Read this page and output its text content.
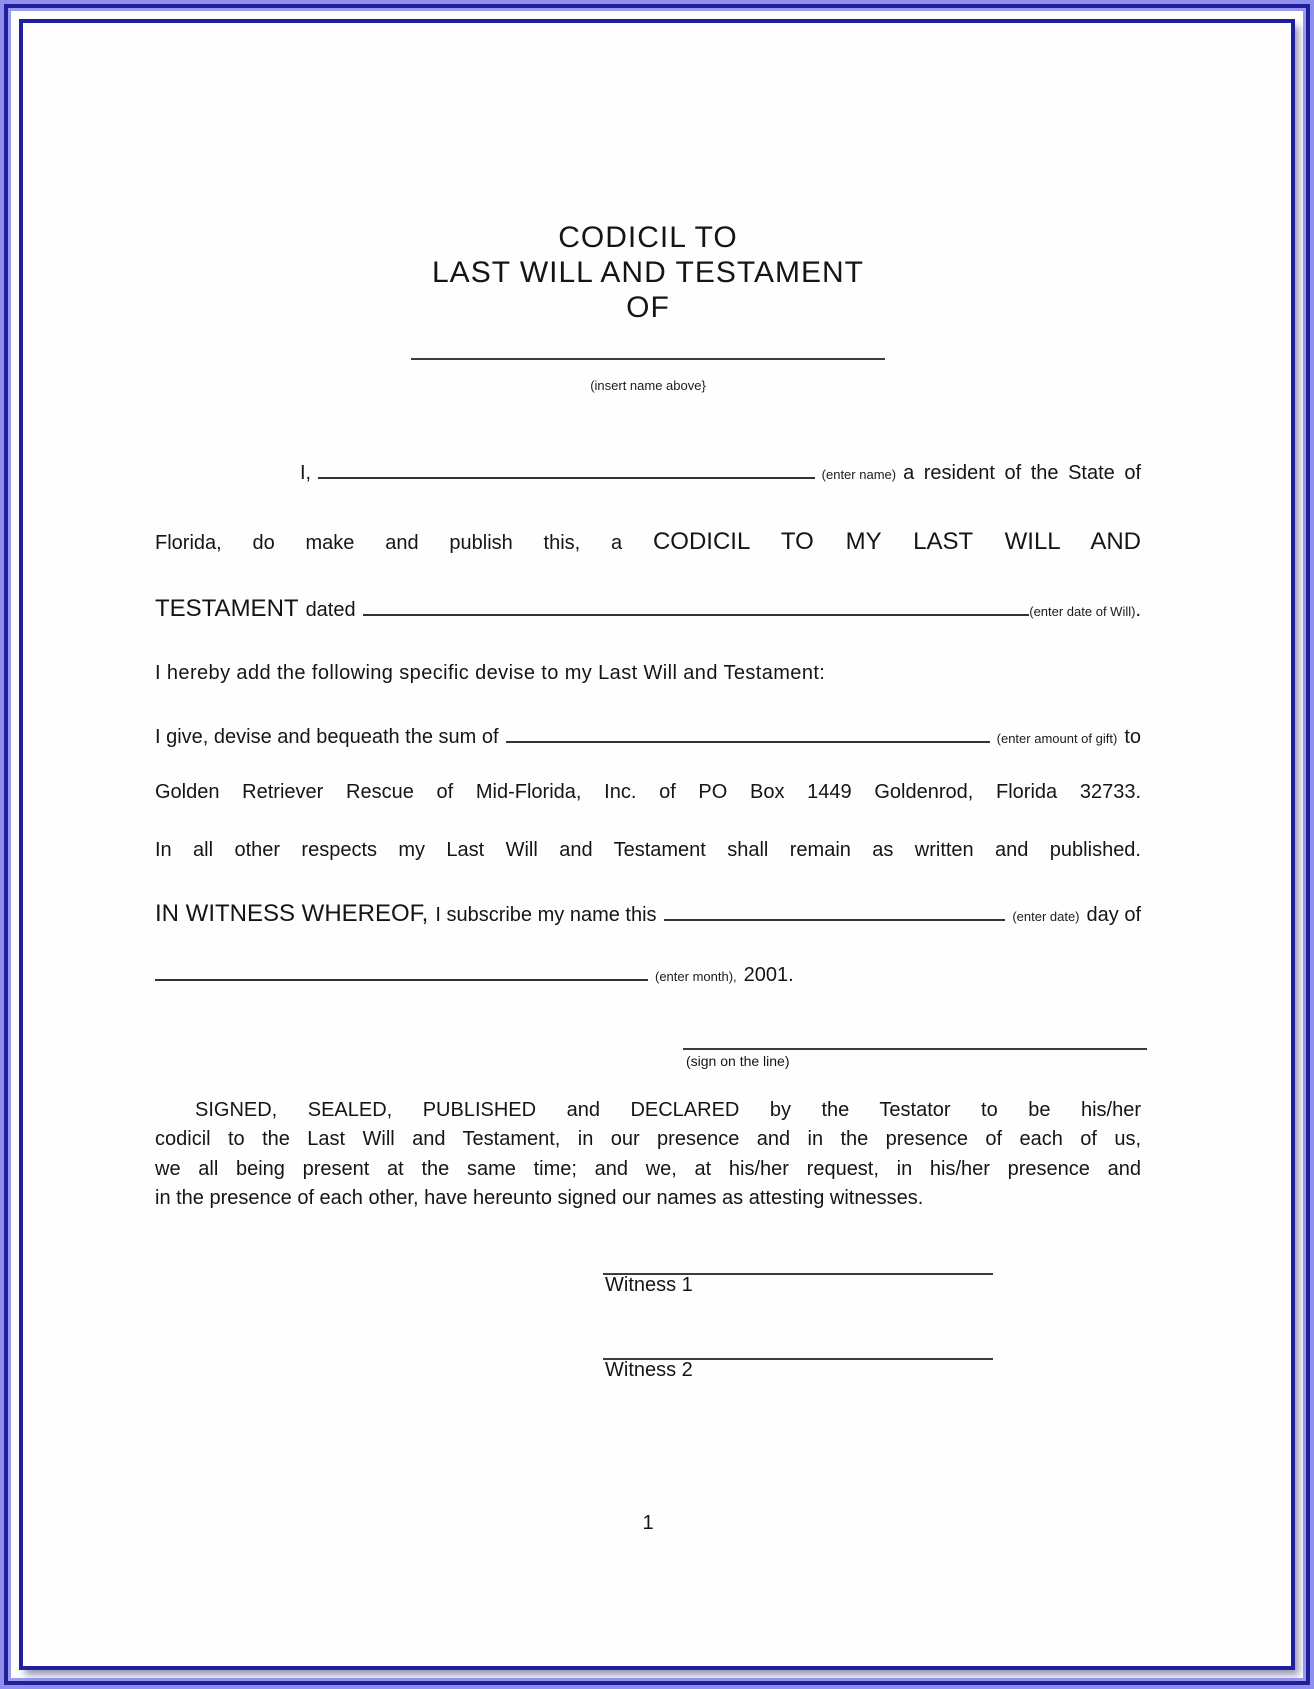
CODICIL TO
LAST WILL AND TESTAMENT
OF
(insert name above}
I,	(enter name) a resident of the State of
Florida, do make and publish this, a CODICIL TO MY LAST WILL AND
TESTAMENT dated	(enter date of Will) .
I hereby add the following specific devise to my Last Will and Testament:
I give, devise and bequeath the sum of	(enter amount of gift) to
Golden Retriever Rescue of Mid-Florida, Inc. of PO Box 1449 Goldenrod, Florida 32733.
In all other respects my Last Will and Testament shall remain as written and published.
IN WITNESS WHEREOF, I subscribe my name this	(enter date) day of
(enter month), 2001.
(sign on the line)
SIGNED, SEALED, PUBLISHED and DECLARED by the Testator to be his/her
codicil to the Last Will and Testament, in our presence and in the presence of each of us,
we all being present at the same time; and we, at his/her request, in his/her presence and
in the presence of each other, have hereunto signed our names as attesting witnesses.
Witness 1
Witness 2
1
